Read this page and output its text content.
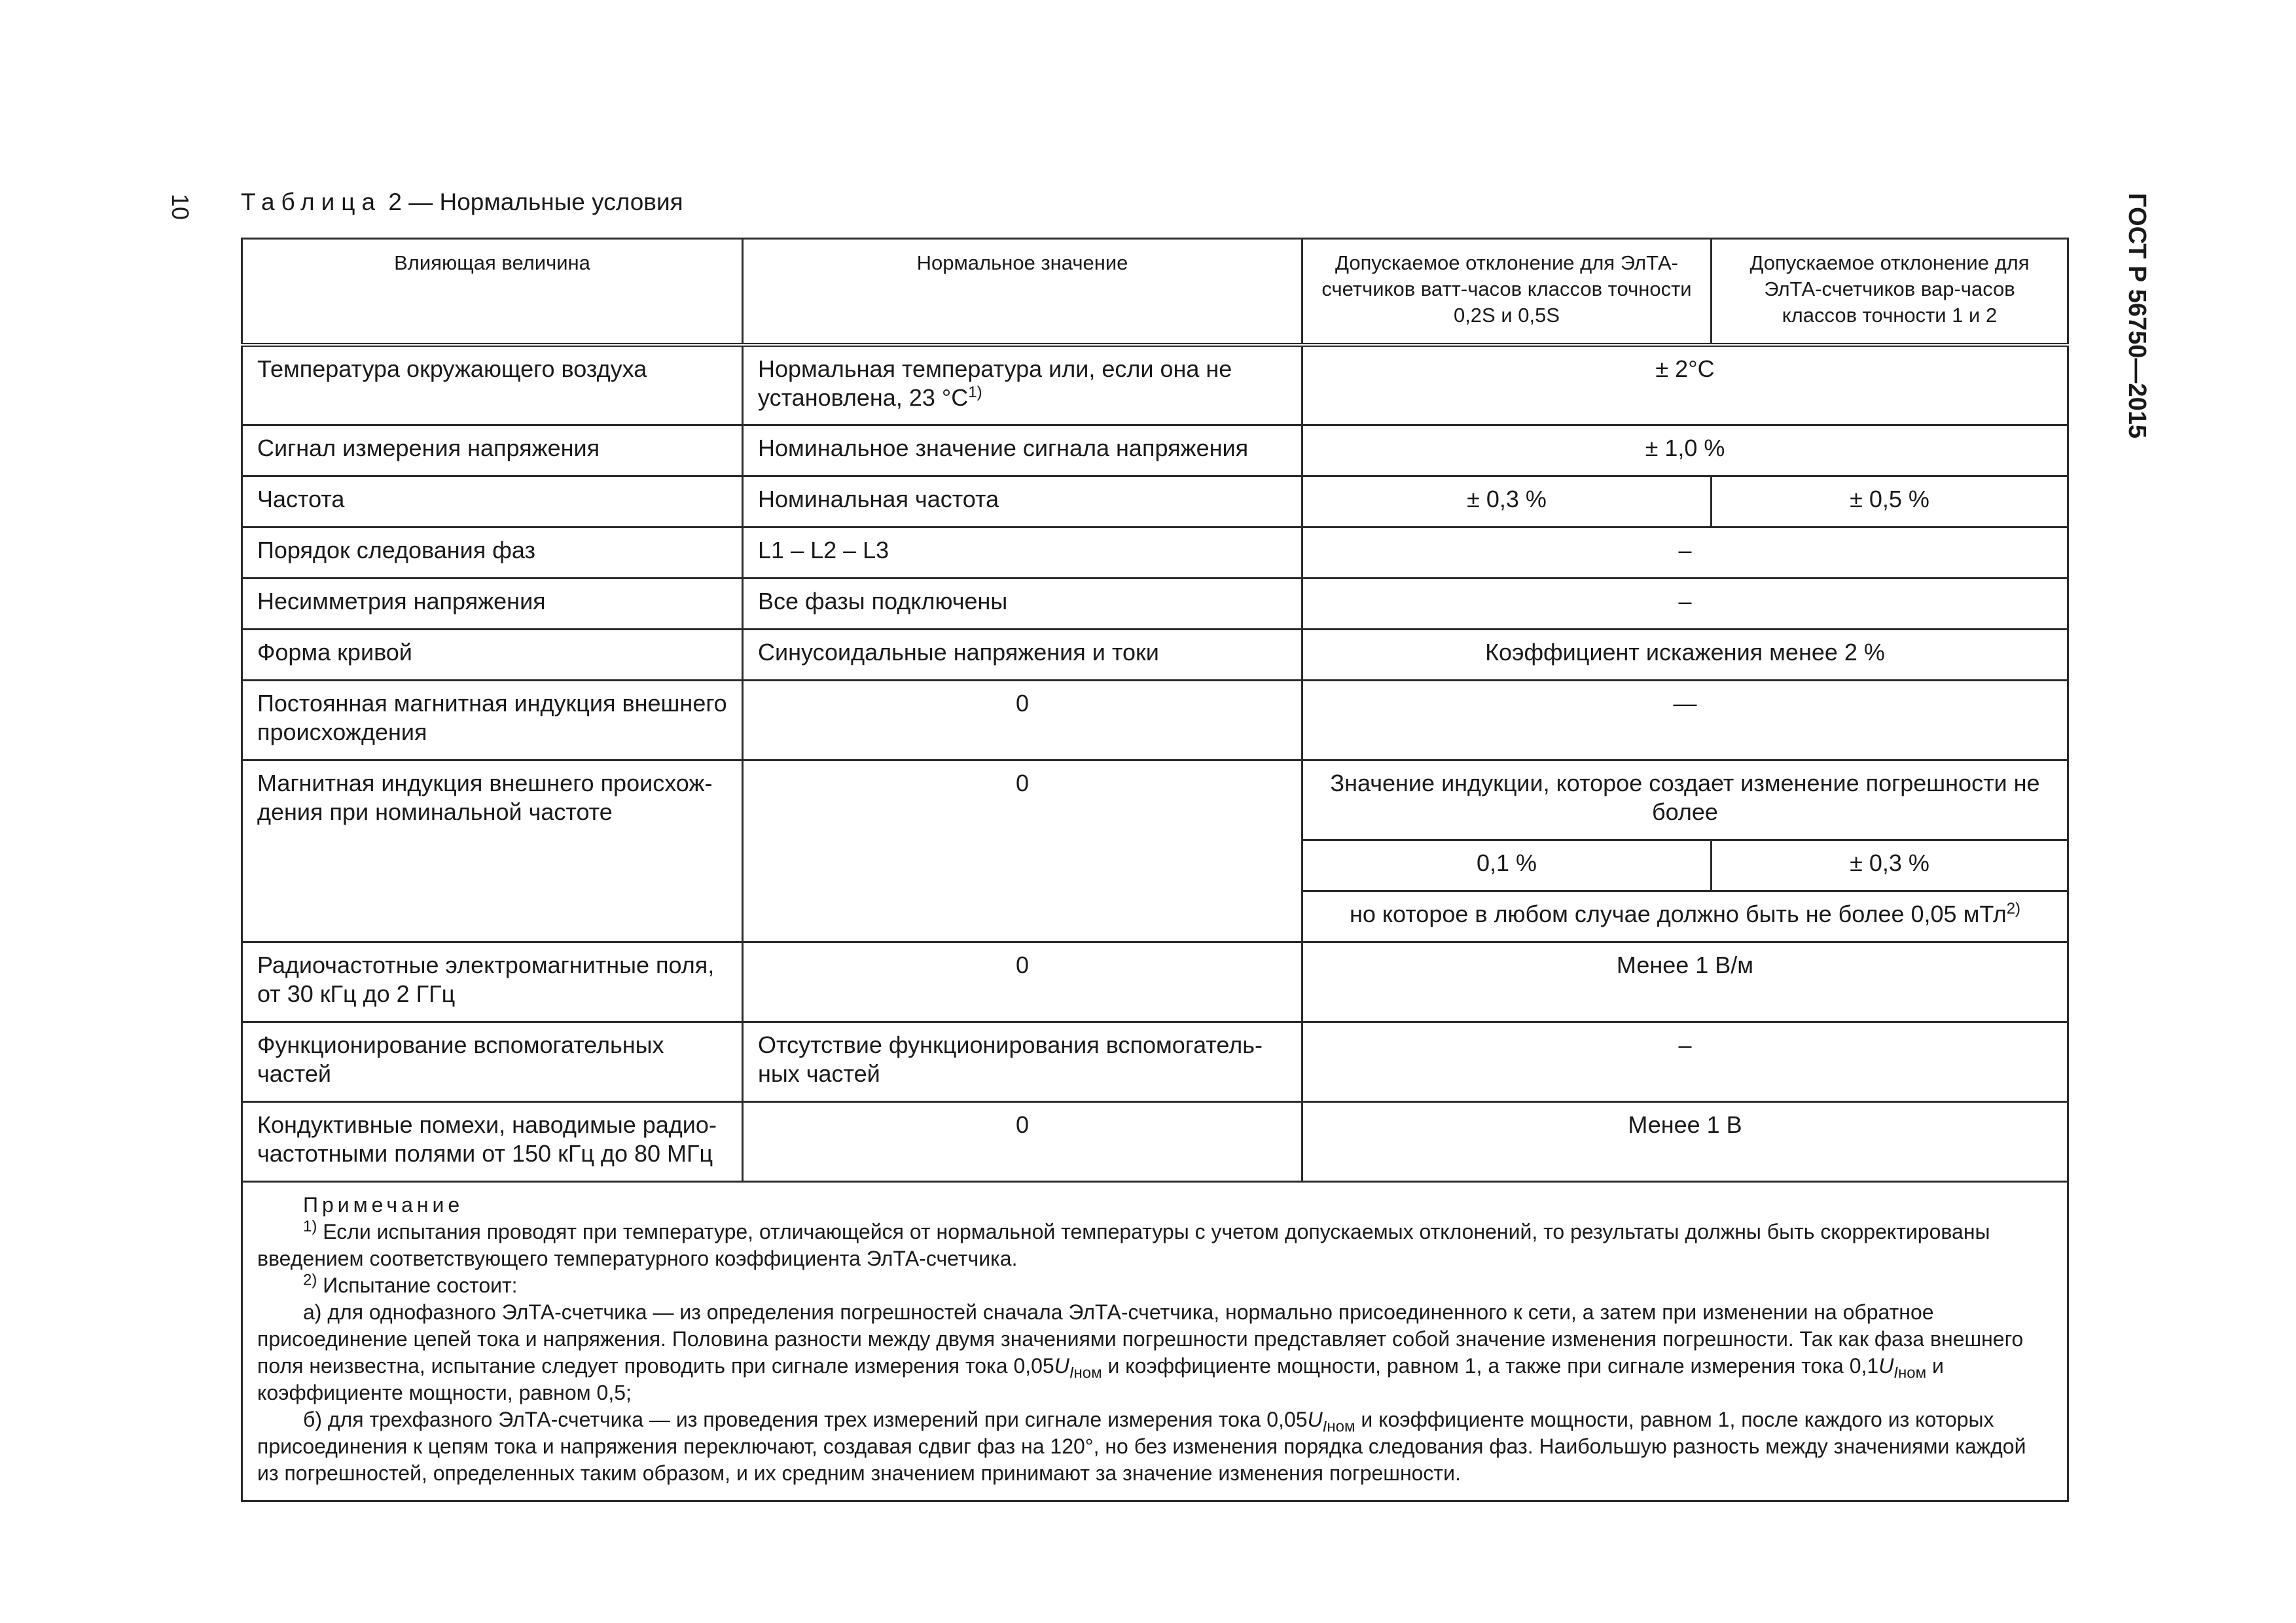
10	ГОСТ Р 56750—2015
Таблица 2 — Нормальные условия
Влияющая величина	Нормальное значение	Допускаемое отклонение для ЭлТА-счетчиков ватт-часов классов точности 0,2S и 0,5S	Допускаемое отклонение для ЭлТА-счетчиков вар-часов классов точности 1 и 2
Температура окружающего воздуха	Нормальная температура или, если она не установлена, 23 $^\circ С^{1)}$	± 2°С	
Сигнал измерения напряжения	Номинальное значение сигнала напряжения	± 1,0 %	
Частота	Номинальная частота	± 0,3 %	± 0,5 %
Порядок следования фаз	L1 – L2 – L3	–	
Несимметрия напряжения	Все фазы подключены	–	
Форма кривой	Синусоидальные напряжения и токи	Коэффициент искажения менее 2 %	
Постоянная магнитная индукция внешнего происхождения	0	—	
Магнитная индукция внешнего происхож-дения при номинальной частоте	0	Значение индукции, которое создает изменение погрешности не более	
		0,1 %	± 0,3 %
		но которое в любом случае должно быть не более 0,05 мТл$^{2)}$
Радиочастотные электромагнитные поля, от 30 кГц до 2 ГГц	0	Менее 1 В/м	
Функционирование вспомогательных частей	Отсутствие функционирования вспомогатель-ных частей	–	
Кондуктивные помехи, наводимые радио-частотными полями от 150 кГц до 80 МГц	0	Менее 1 В	

Примечание
$^{1)}$ Если испытания проводят при температуре, отличающейся от нормальной температуры с учетом допускаемых отклонений, то результаты должны быть скорректированы введением соответствующего температурного коэффициента ЭлТА-счетчика.
$^{2)}$ Испытание состоит:
а) для однофазного ЭлТА-счетчика — из определения погрешностей сначала ЭлТА-счетчика, нормально присоединенного к сети, а затем при изменении на обратное присоединение цепей тока и напряжения. Половина разности между двумя значениями погрешности представляет собой значение изменения погрешности. Так как фаза внешнего поля неизвестна, испытание следует проводить при сигнале измерения тока $0,05U_{Iном}$ и коэффициенте мощности, равном 1, а также при сигнале измерения тока $0,1U_{Iном}$ и коэффициенте мощности, равном 0,5;
б) для трехфазного ЭлТА-счетчика — из проведения трех измерений при сигнале измерения тока $0,05U_{Iном}$ и коэффициенте мощности, равном 1, после каждого из которых присоединения к цепям тока и напряжения переключают, создавая сдвиг фаз на 120°, но без изменения порядка следования фаз. Наибольшую разность между значениями каждой из погрешностей, определенных таким образом, и их средним значением принимают за значение изменения погрешности.			
